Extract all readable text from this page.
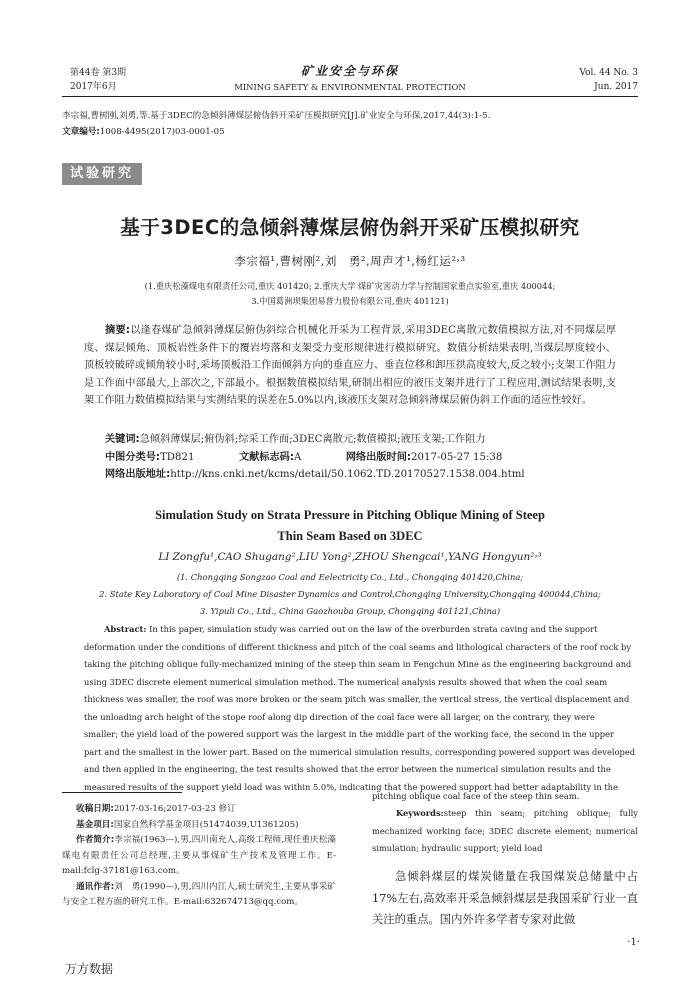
第44卷 第3期
2017年6月
矿业安全与环保
MINING SAFETY & ENVIRONMENTAL PROTECTION
Vol. 44 No. 3
Jun. 2017
李宗福,曹树刚,刘勇,等.基于3DEC的急倾斜薄煤层俯伪斜开采矿压模拟研究[J].矿业安全与环保,2017,44(3):1-5.
文章编号:1008-4495(2017)03-0001-05
试验研究
基于3DEC的急倾斜薄煤层俯伪斜开采矿压模拟研究
李宗福¹,曹树刚²,刘　勇²,周声才¹,杨红运²˒³
(1.重庆松藻煤电有限责任公司,重庆 401420; 2.重庆大学 煤矿灾害动力学与控制国家重点实验室,重庆 400044;
3.中国葛洲坝集团易普力股份有限公司,重庆 401121)
摘要:以逢春煤矿急倾斜薄煤层俯伪斜综合机械化开采为工程背景,采用3DEC离散元数值模拟方法,对不同煤层厚度、煤层倾角、顶板岩性条件下的覆岩垮落和支架受力变形规律进行模拟研究。数值分析结果表明,当煤层厚度较小、顶板较破碎或倾角较小时,采场顶板沿工作面倾斜方向的垂直应力、垂直位移和卸压拱高度较大,反之较小;支架工作阻力是工作面中部最大,上部次之,下部最小。根据数值模拟结果,研制出相应的液压支架并进行了工程应用,测试结果表明,支架工作阻力数值模拟结果与实测结果的误差在5.0%以内,该液压支架对急倾斜薄煤层俯伪斜工作面的适应性较好。
关键词:急倾斜薄煤层;俯伪斜;综采工作面;3DEC离散元;数值模拟;液压支架;工作阻力
中图分类号:TD821	文献标志码:A	网络出版时间:2017-05-27 15:38
网络出版地址:http://kns.cnki.net/kcms/detail/50.1062.TD.20170527.1538.004.html
Simulation Study on Strata Pressure in Pitching Oblique Mining of Steep
Thin Seam Based on 3DEC
LI Zongfu¹,CAO Shugang²,LIU Yong²,ZHOU Shengcai¹,YANG Hongyun²˒³
(1. Chongqing Songzao Coal and Eelectricity Co., Ltd., Chongqing 401420,China;
2. State Key Laboratory of Coal Mine Disaster Dynamics and Control,Chongqing University,Chongqing 400044,China;
3. Yipuli Co., Ltd., China Gaozhouba Group, Chongqing 401121,China)
Abstract: In this paper, simulation study was carried out on the law of the overburden strata caving and the support
deformation under the conditions of different thickness and pitch of the coal seams and lithological characters of the roof rock by
taking the pitching oblique fully-mechanized mining of the steep thin seam in Fengchun Mine as the engineering background and
using 3DEC discrete element numerical simulation method. The numerical analysis results showed that when the coal seam
thickness was smaller, the roof was more broken or the seam pitch was smaller, the vertical stress, the vertical displacement and
the unloading arch height of the stope roof along dip direction of the coal face were all larger, on the contrary, they were
smaller; the yield load of the powered support was the largest in the middle part of the working face, the second in the upper
part and the smallest in the lower part. Based on the numerical simulation results, corresponding powered support was developed
and then applied in the engineering, the test results showed that the error between the numerical simulation results and the
measured results of the support yield load was within 5.0%, indicating that the powered support had better adaptability in the
pitching oblique coal face of the steep thin seam.
Keywords:steep thin seam; pitching oblique; fully mechanized working face; 3DEC discrete element; numerical simulation; hydraulic support; yield load
收稿日期:2017-03-16;2017-03-23 修订
基金项目:国家自然科学基金项目(51474039,U1361205)
作者简介:李宗福(1963—),男,四川南充人,高级工程师,现任重庆松藻煤电有限责任公司总经理,主要从事煤矿生产技术及管理工作。E-mail:fclg-37181@163.com。
通讯作者:刘　勇(1990—),男,四川内江人,硕士研究生,主要从事采矿与安全工程方面的研究工作。E-mail:632674713@qq.com。
急倾斜煤层的煤炭储量在我国煤炭总储量中占17%左右,高效率开采急倾斜煤层是我国采矿行业一直关注的重点。国内外许多学者专家对此做
·1·
万方数据
